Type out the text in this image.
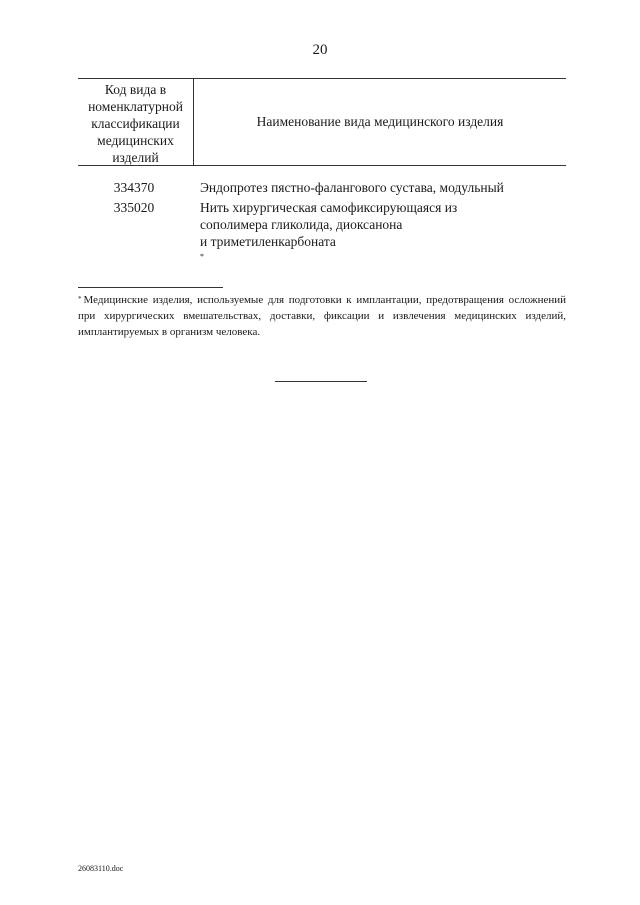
20
Код вида в
номенклатурной
классификации
медицинских
изделий
Наименование вида медицинского изделия
334370	Эндопротез пястно-фалангового сустава, модульный
335020	Нить хирургическая самофиксирующаяся из
сополимера гликолида, диоксанона
и триметиленкарбоната
*
* Медицинские изделия, используемые для подготовки к имплантации, предотвращения осложнений при хирургических вмешательствах, доставки, фиксации и извлечения медицинских изделий, имплантируемых в организм человека.
26083110.doc
